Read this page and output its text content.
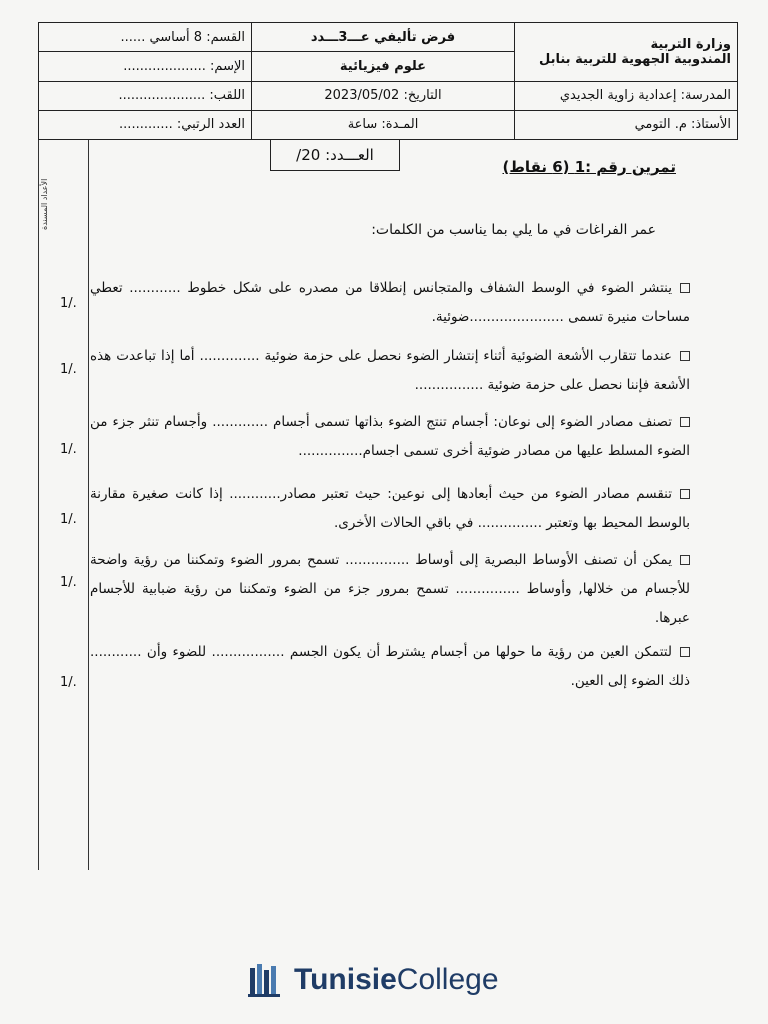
القسم: 8 أساسي ......	فرض تأليفي عـــ3ـــدد	وزارة التربية
المندوبية الجهوية للتربية بنابل

الإسم: ....................	علوم فيزيائية	
اللقب: .....................	التاريخ: 2023/05/02	المدرسة: إعدادية زاوية الجديدي
العدد الرتبي: .............	المـدة: ساعة	الأستاذ: م. التومي
الأعداد المسندة
العـــدد: 20/
تمرين رقم :1 (6 نقاط)
عمر الفراغات في ما يلي بما يناسب من الكلمات:
ينتشر الضوء في الوسط الشفاف والمتجانس إنطلاقا من مصدره على شكل خطوط ............ تعطي مساحات منيرة تسمى ......................ضوئية.
1/.
عندما تتقارب الأشعة الضوئية أثناء إنتشار الضوء نحصل على حزمة ضوئية .............. أما إذا تباعدت هذه الأشعة فإننا نحصل على حزمة ضوئية ................
1/.
تصنف مصادر الضوء إلى نوعان: أجسام تنتج الضوء بذاتها تسمى أجسام ............. وأجسام تنثر جزء من الضوء المسلط عليها من مصادر ضوئية أخرى تسمى اجسام...............
1/.
تنقسم مصادر الضوء من حيث أبعادها إلى نوعين: حيث تعتبر مصادر............ إذا كانت صغيرة مقارنة بالوسط المحيط بها وتعتبر ............... في باقي الحالات الأخرى.
1/.
يمكن أن تصنف الأوساط البصرية إلى أوساط ............... تسمح بمرور الضوء وتمكننا من رؤية واضحة للأجسام من خلالها, وأوساط ............... تسمح بمرور جزء من الضوء وتمكننا من رؤية ضبابية للأجسام عبرها.
1/.
لتتمكن العين من رؤية ما حولها من أجسام يشترط أن يكون الجسم ................. للضوء وأن ............ ذلك الضوء إلى العين.
1/.
TunisieCollege
